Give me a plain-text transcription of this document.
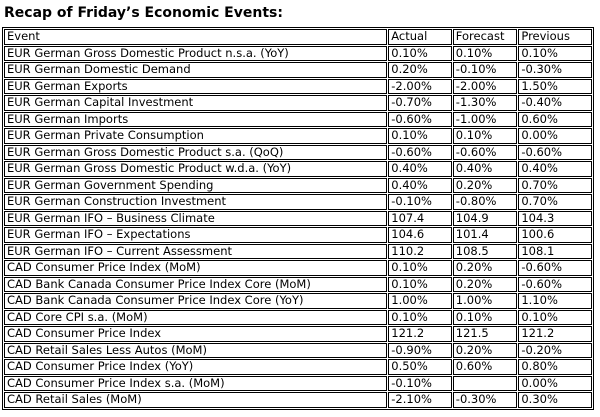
Recap of Friday’s Economic Events:
Event	Actual	Forecast	Previous
EUR German Gross Domestic Product n.s.a. (YoY)	0.10%	0.10%	0.10%
EUR German Domestic Demand	0.20%	-0.10%	-0.30%
EUR German Exports	-2.00%	-2.00%	1.50%
EUR German Capital Investment	-0.70%	-1.30%	-0.40%
EUR German Imports	-0.60%	-1.00%	0.60%
EUR German Private Consumption	0.10%	0.10%	0.00%
EUR German Gross Domestic Product s.a. (QoQ)	-0.60%	-0.60%	-0.60%
EUR German Gross Domestic Product w.d.a. (YoY)	0.40%	0.40%	0.40%
EUR German Government Spending	0.40%	0.20%	0.70%
EUR German Construction Investment	-0.10%	-0.80%	0.70%
EUR German IFO – Business Climate	107.4	104.9	104.3
EUR German IFO – Expectations	104.6	101.4	100.6
EUR German IFO – Current Assessment	110.2	108.5	108.1
CAD Consumer Price Index (MoM)	0.10%	0.20%	-0.60%
CAD Bank Canada Consumer Price Index Core (MoM)	0.10%	0.20%	-0.60%
CAD Bank Canada Consumer Price Index Core (YoY)	1.00%	1.00%	1.10%
CAD Core CPI s.a. (MoM)	0.10%	0.10%	0.10%
CAD Consumer Price Index	121.2	121.5	121.2
CAD Retail Sales Less Autos (MoM)	-0.90%	0.20%	-0.20%
CAD Consumer Price Index (YoY)	0.50%	0.60%	0.80%
CAD Consumer Price Index s.a. (MoM)	-0.10%		0.00%
CAD Retail Sales (MoM)	-2.10%	-0.30%	0.30%
